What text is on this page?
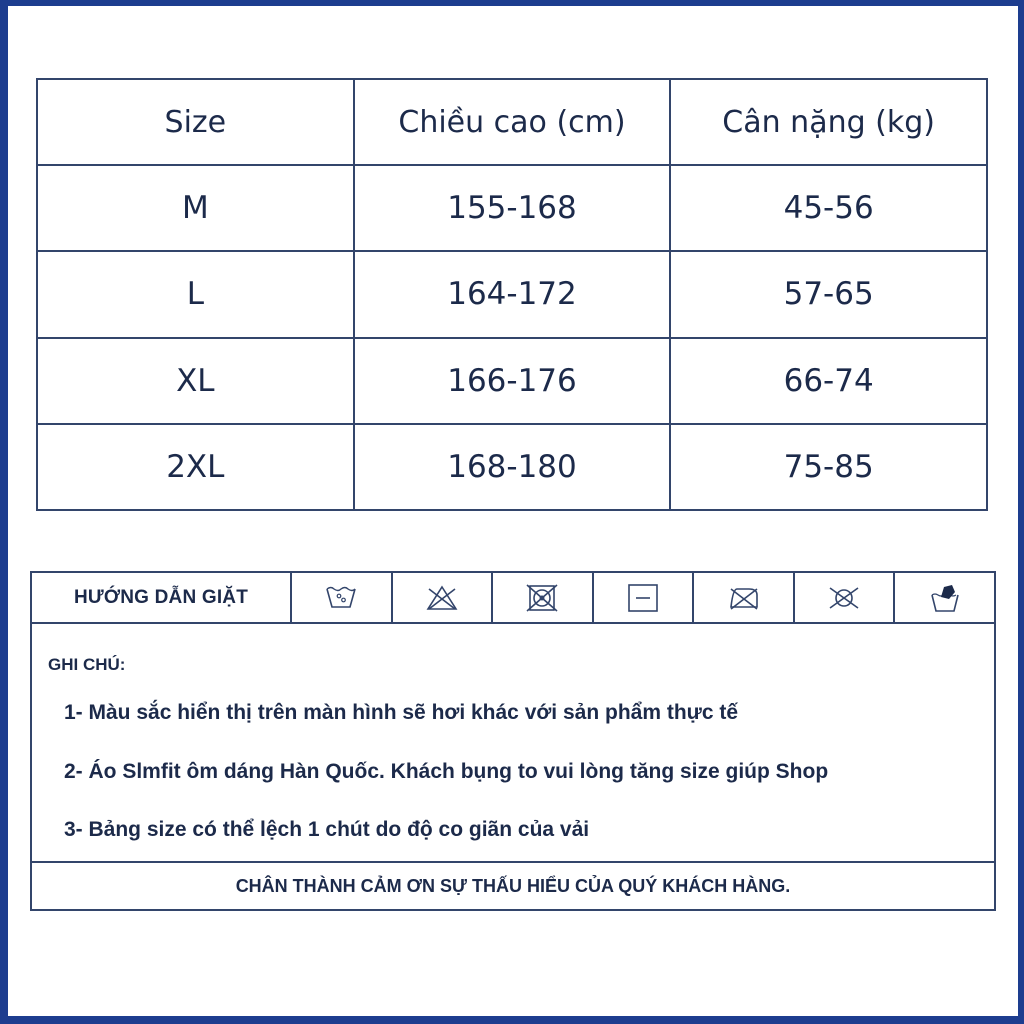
Size	Chiều cao (cm)	Cân nặng (kg)
M	155-168	45-56
L	164-172	57-65
XL	166-176	66-74
2XL	168-180	75-85
HƯỚNG DẪN GIẶT
GHI CHÚ:
1- Màu sắc hiển thị trên màn hình sẽ hơi khác với sản phẩm thực tế
2- Áo Slmfit ôm dáng Hàn Quốc. Khách bụng to vui lòng tăng size giúp Shop
3- Bảng size có thể lệch 1 chút do độ co giãn của vải
CHÂN THÀNH CẢM ƠN SỰ THẤU HIỂU CỦA QUÝ KHÁCH HÀNG.
